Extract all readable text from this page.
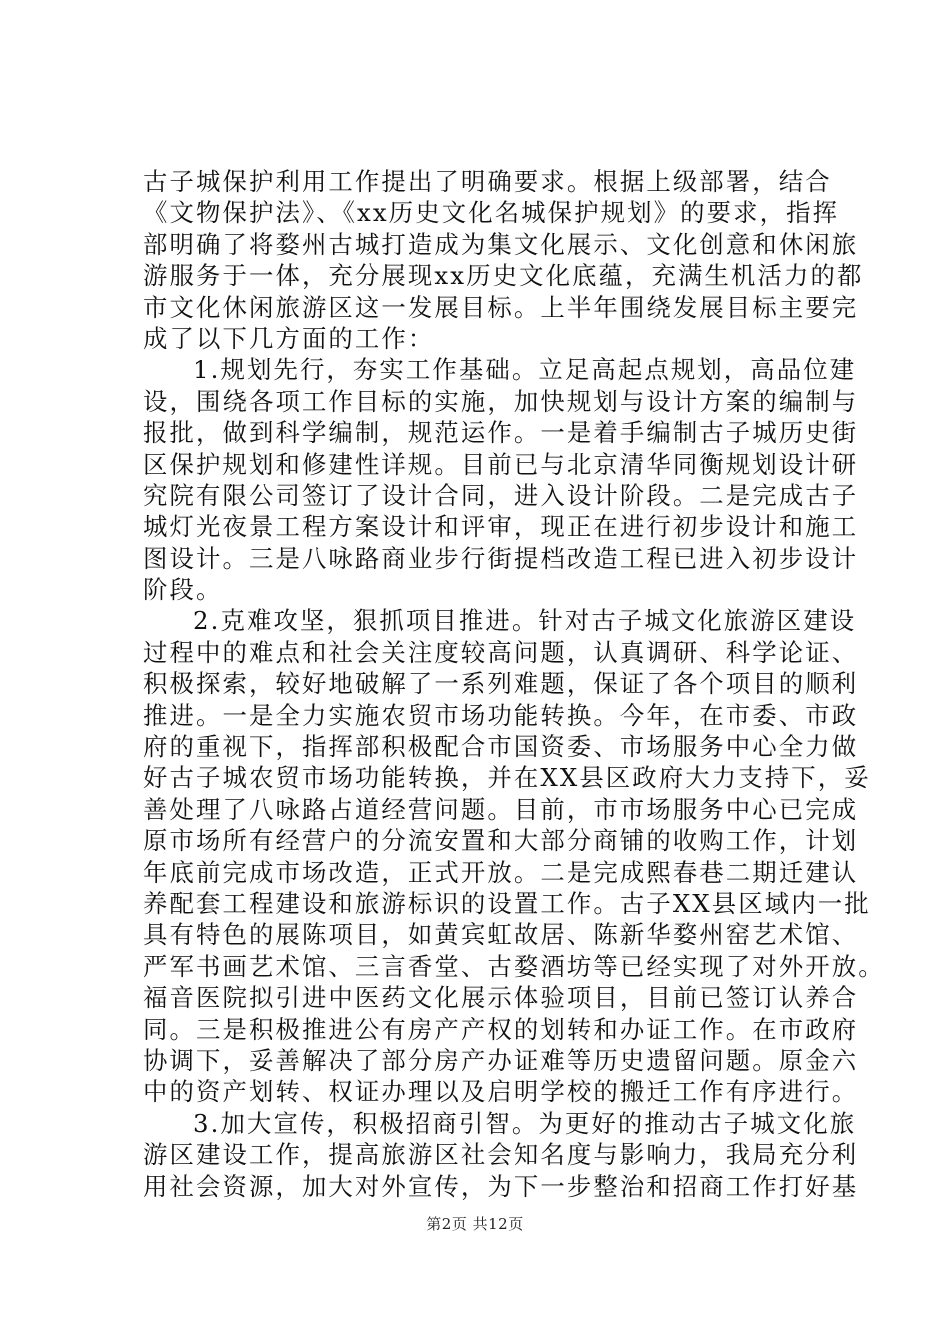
古子城保护利用工作提出了明确要求。根据上级部署，结合
《文物保护法》、《xx历史文化名城保护规划》的要求，指挥
部明确了将婺州古城打造成为集文化展示、文化创意和休闲旅
游服务于一体，充分展现xx历史文化底蕴，充满生机活力的都
市文化休闲旅游区这一发展目标。上半年围绕发展目标主要完
成了以下几方面的工作：
1.规划先行，夯实工作基础。立足高起点规划，高品位建
设，围绕各项工作目标的实施，加快规划与设计方案的编制与
报批，做到科学编制，规范运作。一是着手编制古子城历史街
区保护规划和修建性详规。目前已与北京清华同衡规划设计研
究院有限公司签订了设计合同，进入设计阶段。二是完成古子
城灯光夜景工程方案设计和评审，现正在进行初步设计和施工
图设计。三是八咏路商业步行街提档改造工程已进入初步设计
阶段。
2.克难攻坚，狠抓项目推进。针对古子城文化旅游区建设
过程中的难点和社会关注度较高问题，认真调研、科学论证、
积极探索，较好地破解了一系列难题，保证了各个项目的顺利
推进。一是全力实施农贸市场功能转换。今年，在市委、市政
府的重视下，指挥部积极配合市国资委、市场服务中心全力做
好古子城农贸市场功能转换，并在XX县区政府大力支持下，妥
善处理了八咏路占道经营问题。目前，市市场服务中心已完成
原市场所有经营户的分流安置和大部分商铺的收购工作，计划
年底前完成市场改造，正式开放。二是完成熙春巷二期迁建认
养配套工程建设和旅游标识的设置工作。古子XX县区域内一批
具有特色的展陈项目，如黄宾虹故居、陈新华婺州窑艺术馆、
严军书画艺术馆、三言香堂、古婺酒坊等已经实现了对外开放。
福音医院拟引进中医药文化展示体验项目，目前已签订认养合
同。三是积极推进公有房产产权的划转和办证工作。在市政府
协调下，妥善解决了部分房产办证难等历史遗留问题。原金六
中的资产划转、权证办理以及启明学校的搬迁工作有序进行。
3.加大宣传，积极招商引智。为更好的推动古子城文化旅
游区建设工作，提高旅游区社会知名度与影响力，我局充分利
用社会资源，加大对外宣传，为下一步整治和招商工作打好基
第2页 共12页
